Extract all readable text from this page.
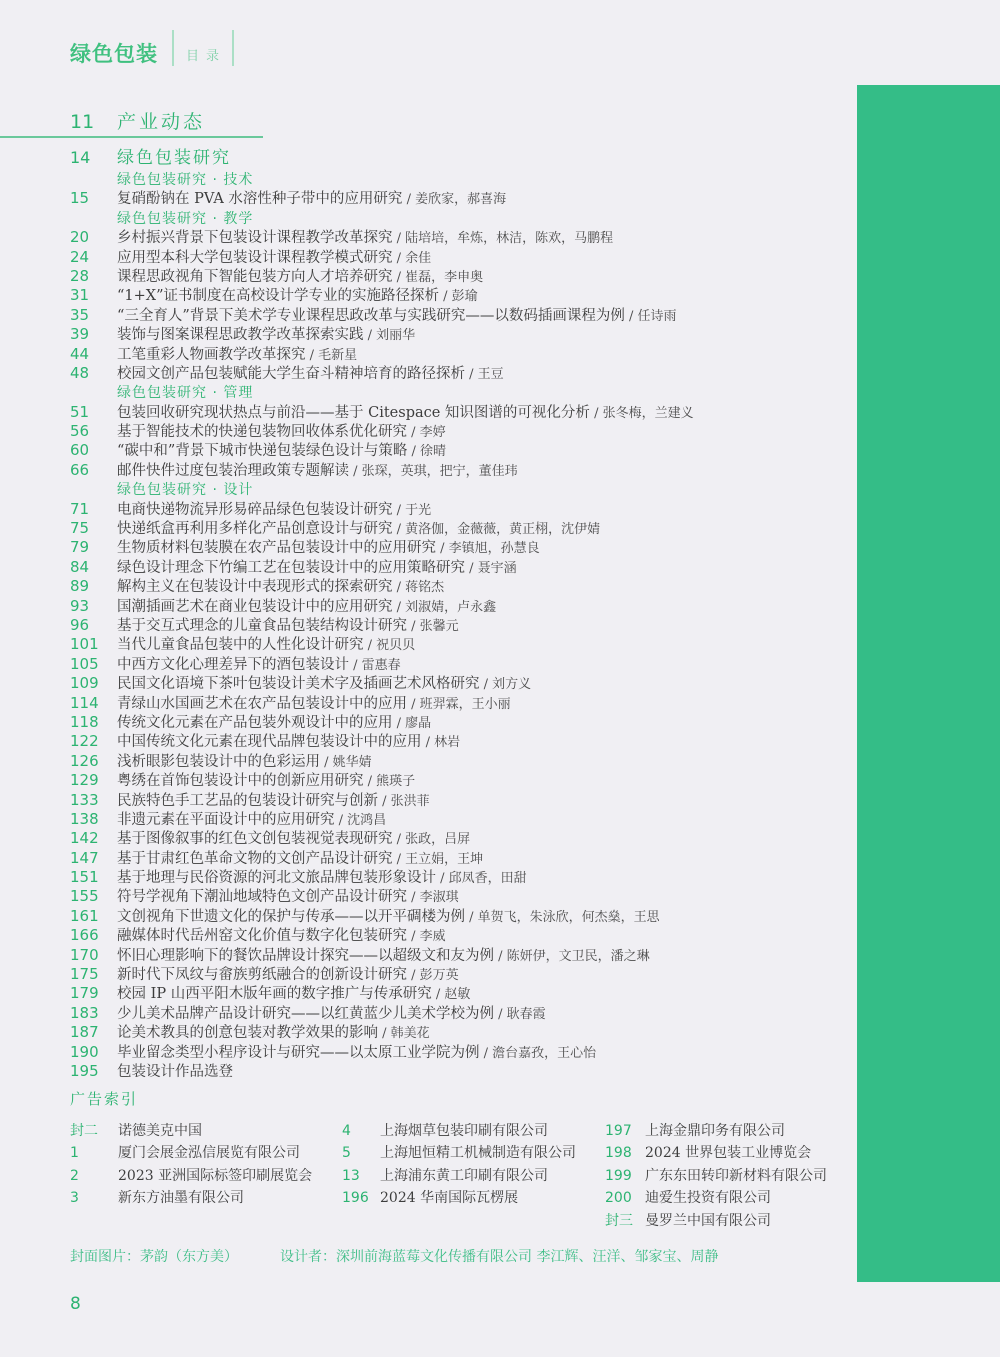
绿色包装 目录
11	产业动态
14	绿色包装研究
绿色包装研究 · 技术
15	复硝酚钠在 PVA 水溶性种子带中的应用研究 / 姜欣家，郝喜海
绿色包装研究 · 教学
20	乡村振兴背景下包装设计课程教学改革探究 / 陆培培，牟炼，林洁，陈欢，马鹏程
24	应用型本科大学包装设计课程教学模式研究 / 余佳
28	课程思政视角下智能包装方向人才培养研究 / 崔磊，李申奥
31	“1+X”证书制度在高校设计学专业的实施路径探析 / 彭瑜
35	“三全育人”背景下美术学专业课程思政改革与实践研究——以数码插画课程为例 / 任诗雨
39	装饰与图案课程思政教学改革探索实践 / 刘丽华
44	工笔重彩人物画教学改革探究 / 毛新星
48	校园文创产品包装赋能大学生奋斗精神培育的路径探析 / 王豆
绿色包装研究 · 管理
51	包装回收研究现状热点与前沿——基于 Citespace 知识图谱的可视化分析 / 张冬梅，兰建义
56	基于智能技术的快递包装物回收体系优化研究 / 李婷
60	“碳中和”背景下城市快递包装绿色设计与策略 / 徐晴
66	邮件快件过度包装治理政策专题解读 / 张琛，英琪，把宁，董佳玮
绿色包装研究 · 设计
71	电商快递物流异形易碎品绿色包装设计研究 / 于光
75	快递纸盒再利用多样化产品创意设计与研究 / 黄洛伽，金薇薇，黄正栩，沈伊婧
79	生物质材料包装膜在农产品包装设计中的应用研究 / 李镇旭，孙慧良
84	绿色设计理念下竹编工艺在包装设计中的应用策略研究 / 聂宇涵
89	解构主义在包装设计中表现形式的探索研究 / 蒋铭杰
93	国潮插画艺术在商业包装设计中的应用研究 / 刘淑婧，卢永鑫
96	基于交互式理念的儿童食品包装结构设计研究 / 张馨元
101	当代儿童食品包装中的人性化设计研究 / 祝贝贝
105	中西方文化心理差异下的酒包装设计 / 雷惠春
109	民国文化语境下茶叶包装设计美术字及插画艺术风格研究 / 刘方义
114	青绿山水国画艺术在农产品包装设计中的应用 / 班羿霖，王小丽
118	传统文化元素在产品包装外观设计中的应用 / 廖晶
122	中国传统文化元素在现代品牌包装设计中的应用 / 林岩
126	浅析眼影包装设计中的色彩运用 / 姚华婧
129	粤绣在首饰包装设计中的创新应用研究 / 熊瑛子
133	民族特色手工艺品的包装设计研究与创新 / 张洪菲
138	非遗元素在平面设计中的应用研究 / 沈鸿昌
142	基于图像叙事的红色文创包装视觉表现研究 / 张政，吕屏
147	基于甘肃红色革命文物的文创产品设计研究 / 王立娟，王坤
151	基于地理与民俗资源的河北文旅品牌包装形象设计 / 邱凤香，田甜
155	符号学视角下潮汕地域特色文创产品设计研究 / 李淑琪
161	文创视角下世遗文化的保护与传承——以开平碉楼为例 / 单贺飞，朱泳欣，何杰燊，王思
166	融媒体时代岳州窑文化价值与数字化包装研究 / 李威
170	怀旧心理影响下的餐饮品牌设计探究——以超级文和友为例 / 陈妍伊，文卫民，潘之琳
175	新时代下凤纹与畲族剪纸融合的创新设计研究 / 彭万英
179	校园 IP 山西平阳木版年画的数字推广与传承研究 / 赵敏
183	少儿美术品牌产品设计研究——以红黄蓝少儿美术学校为例 / 耿春霞
187	论美术教具的创意包装对教学效果的影响 / 韩美花
190	毕业留念类型小程序设计与研究——以太原工业学院为例 / 澹台嘉孜，王心怡
195	包装设计作品选登
广告索引
封二	诺德美克中国
1	厦门会展金泓信展览有限公司
2	2023 亚洲国际标签印刷展览会
3	新东方油墨有限公司
4	上海烟草包装印刷有限公司
5	上海旭恒精工机械制造有限公司
13	上海浦东黄工印刷有限公司
196 2024 华南国际瓦楞展
197 上海金鼎印务有限公司
198 2024 世界包装工业博览会
199 广东东田转印新材料有限公司
200 迪爱生投资有限公司
封三 曼罗兰中国有限公司
封面图片：茅韵（东方美）	设计者：深圳前海蓝莓文化传播有限公司 李江辉、汪洋、邹家宝、周静
8
